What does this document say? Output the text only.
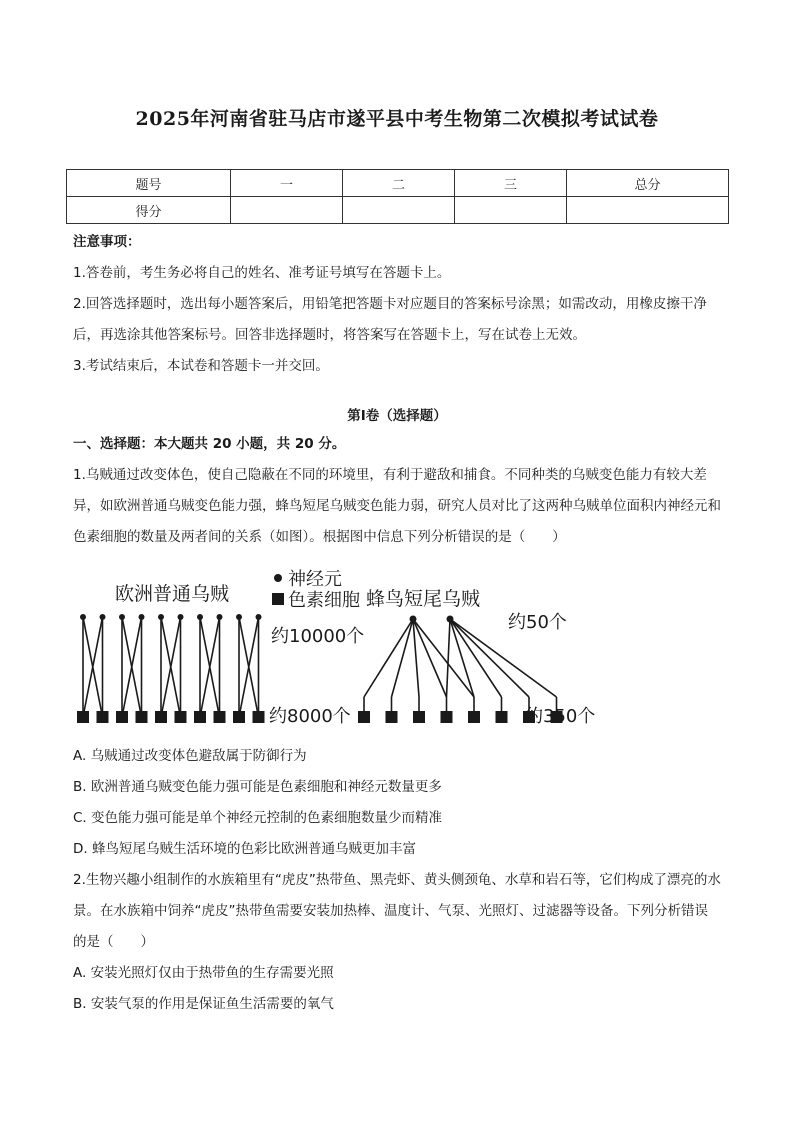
2025年河南省驻马店市遂平县中考生物第二次模拟考试试卷
题号	一	二	三	总分
得分				

注意事项：

1.答卷前，考生务必将自己的姓名、准考证号填写在答题卡上。

2.回答选择题时，选出每小题答案后，用铅笔把答题卡对应题目的答案标号涂黑；如需改动，用橡皮擦干净后，再选涂其他答案标号。回答非选择题时，将答案写在答题卡上，写在试卷上无效。

3.考试结束后，本试卷和答题卡一并交回。

第Ⅰ卷（选择题）

一、选择题：本大题共 20 小题，共 20 分。

1.乌贼通过改变体色，使自己隐蔽在不同的环境里，有利于避敌和捕食。不同种类的乌贼变色能力有较大差异，如欧洲普通乌贼变色能力强，蜂鸟短尾乌贼变色能力弱，研究人员对比了这两种乌贼单位面积内神经元和色素细胞的数量及两者间的关系（如图）。根据图中信息下列分析错误的是（　　）

欧洲普通乌贼	蜂鸟短尾乌贼
神经元
色素细胞
约10000个
约8000个
约50个
约350个

A. 乌贼通过改变体色避敌属于防御行为

B. 欧洲普通乌贼变色能力强可能是色素细胞和神经元数量更多

C. 变色能力强可能是单个神经元控制的色素细胞数量少而精准

D. 蜂鸟短尾乌贼生活环境的色彩比欧洲普通乌贼更加丰富

2.生物兴趣小组制作的水族箱里有“虎皮”热带鱼、黑壳虾、黄头侧颈龟、水草和岩石等，它们构成了漂亮的水景。在水族箱中饲养“虎皮”热带鱼需要安装加热棒、温度计、气泵、光照灯、过滤器等设备。下列分析错误的是（　　）

A. 安装光照灯仅由于热带鱼的生存需要光照

B. 安装气泵的作用是保证鱼生活需要的氧气
